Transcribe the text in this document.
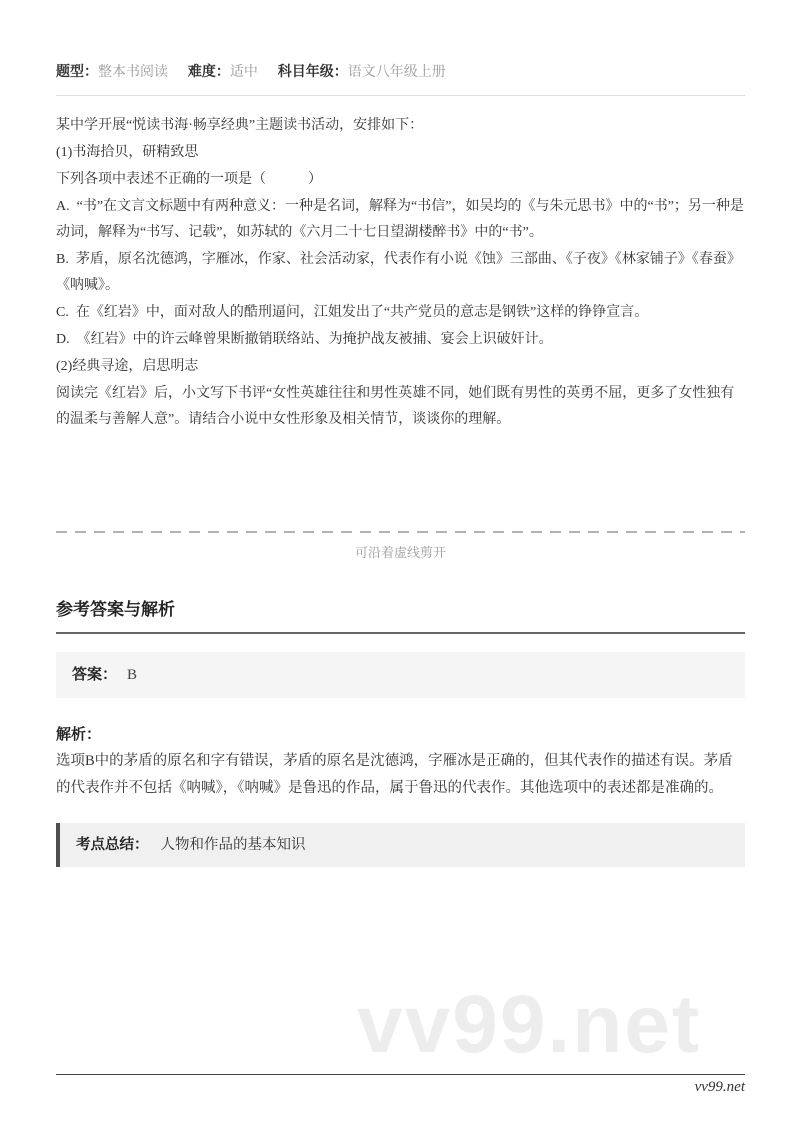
题型：整本书阅读 难度：适中 科目年级：语文八年级上册

某中学开展“悦读书海·畅享经典”主题读书活动，安排如下：

(1)书海拾贝，研精致思

下列各项中表述不正确的一项是（　　　）

A. “书”在文言文标题中有两种意义：一种是名词，解释为“书信”，如吴均的《与朱元思书》中的“书”；另一种是动词，解释为“书写、记载”，如苏轼的《六月二十七日望湖楼醉书》中的“书”。

B. 茅盾，原名沈德鸿，字雁冰，作家、社会活动家，代表作有小说《蚀》三部曲、《子夜》《林家铺子》《春蚕》《呐喊》。

C. 在《红岩》中，面对敌人的酷刑逼问，江姐发出了“共产党员的意志是钢铁”这样的铮铮宣言。

D. 《红岩》中的许云峰曾果断撤销联络站、为掩护战友被捕、宴会上识破奸计。

(2)经典寻途，启思明志

阅读完《红岩》后，小文写下书评“女性英雄往往和男性英雄不同，她们既有男性的英勇不屈，更多了女性独有的温柔与善解人意”。请结合小说中女性形象及相关情节，谈谈你的理解。

可沿着虚线剪开
参考答案与解析
答案： B
解析：
选项B中的茅盾的原名和字有错误，茅盾的原名是沈德鸿，字雁冰是正确的，但其代表作的描述有误。茅盾的代表作并不包括《呐喊》，《呐喊》是鲁迅的作品，属于鲁迅的代表作。其他选项中的表述都是准确的。
考点总结： 人物和作品的基本知识
vv99.net
vv99.net
